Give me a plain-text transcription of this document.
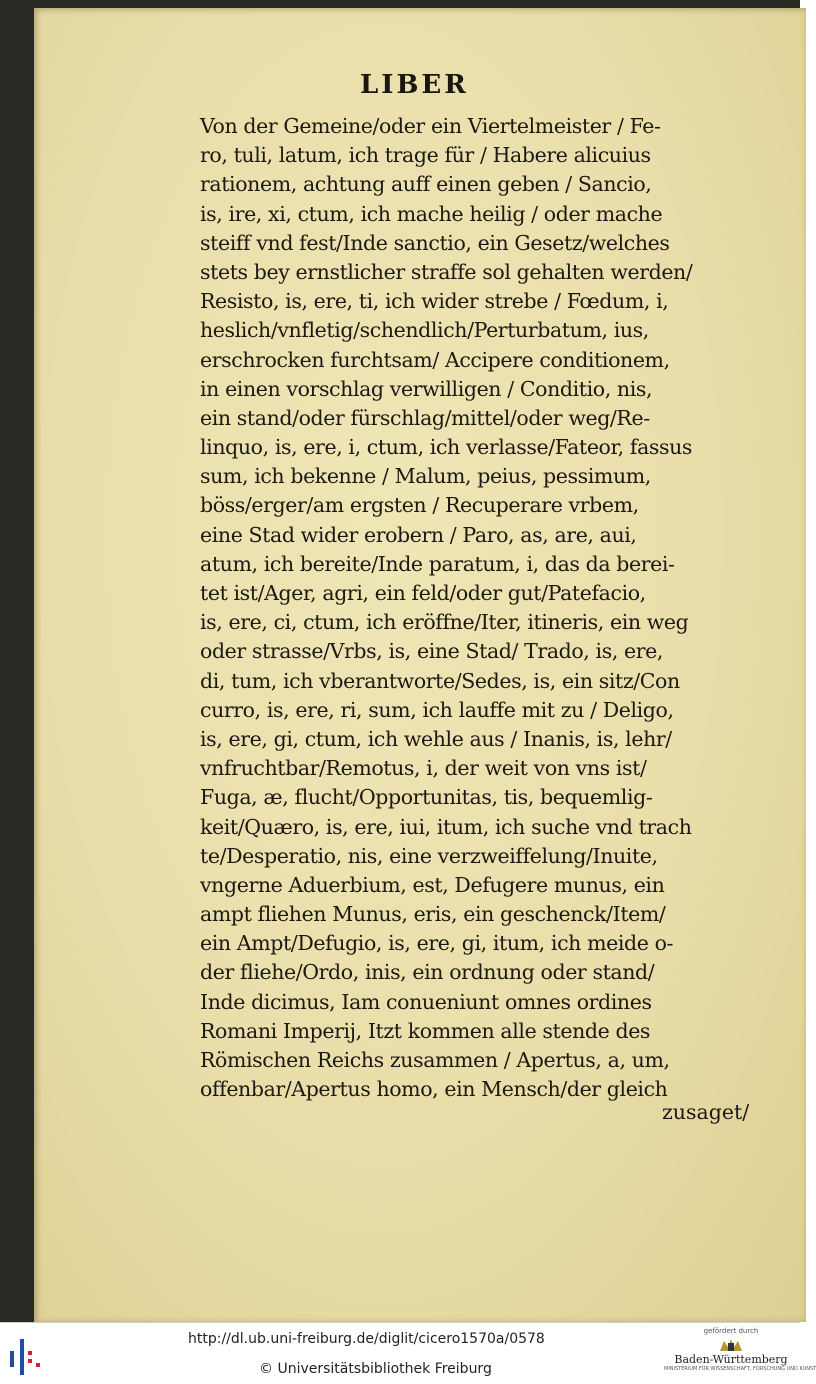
LIBER
Von der Gemeine/oder ein Viertelmeister / Fe-
ro, tuli, latum, ich trage für / Habere alicuius
rationem, achtung auff einen geben / Sancio,
is, ire, xi, ctum, ich mache heilig / oder mache
steiff vnd fest/Inde sanctio, ein Gesetz/welches
stets bey ernstlicher straffe sol gehalten werden/
Resisto, is, ere, ti, ich wider strebe / Fœdum, i,
heslich/vnfletig/schendlich/Perturbatum, ius,
erschrocken furchtsam/ Accipere conditionem,
in einen vorschlag verwilligen / Conditio, nis,
ein stand/oder fürschlag/mittel/oder weg/Re-
linquo, is, ere, i, ctum, ich verlasse/Fateor, fassus
sum, ich bekenne / Malum, peius, pessimum,
böss/erger/am ergsten / Recuperare vrbem,
eine Stad wider erobern / Paro, as, are, aui,
atum, ich bereite/Inde paratum, i, das da berei-
tet ist/Ager, agri, ein feld/oder gut/Patefacio,
is, ere, ci, ctum, ich eröffne/Iter, itineris, ein weg
oder strasse/Vrbs, is, eine Stad/ Trado, is, ere,
di, tum, ich vberantworte/Sedes, is, ein sitz/Con
curro, is, ere, ri, sum, ich lauffe mit zu / Deligo,
is, ere, gi, ctum, ich wehle aus / Inanis, is, lehr/
vnfruchtbar/Remotus, i, der weit von vns ist/
Fuga, æ, flucht/Opportunitas, tis, bequemlig-
keit/Quæro, is, ere, iui, itum, ich suche vnd trach
te/Desperatio, nis, eine verzweiffelung/Inuite,
vngerne Aduerbium, est, Defugere munus, ein
ampt fliehen Munus, eris, ein geschenck/Item/
ein Ampt/Defugio, is, ere, gi, itum, ich meide o-
der fliehe/Ordo, inis, ein ordnung oder stand/
Inde dicimus, Iam conueniunt omnes ordines
Romani Imperij, Itzt kommen alle stende des
Römischen Reichs zusammen / Apertus, a, um,
offenbar/Apertus homo, ein Mensch/der gleich
zusaget/
http://dl.ub.uni-freiburg.de/diglit/cicero1570a/0578
© Universitätsbibliothek Freiburg
gefördert durch
Baden-Württemberg
MINISTERIUM FÜR WISSENSCHAFT, FORSCHUNG UND KUNST
